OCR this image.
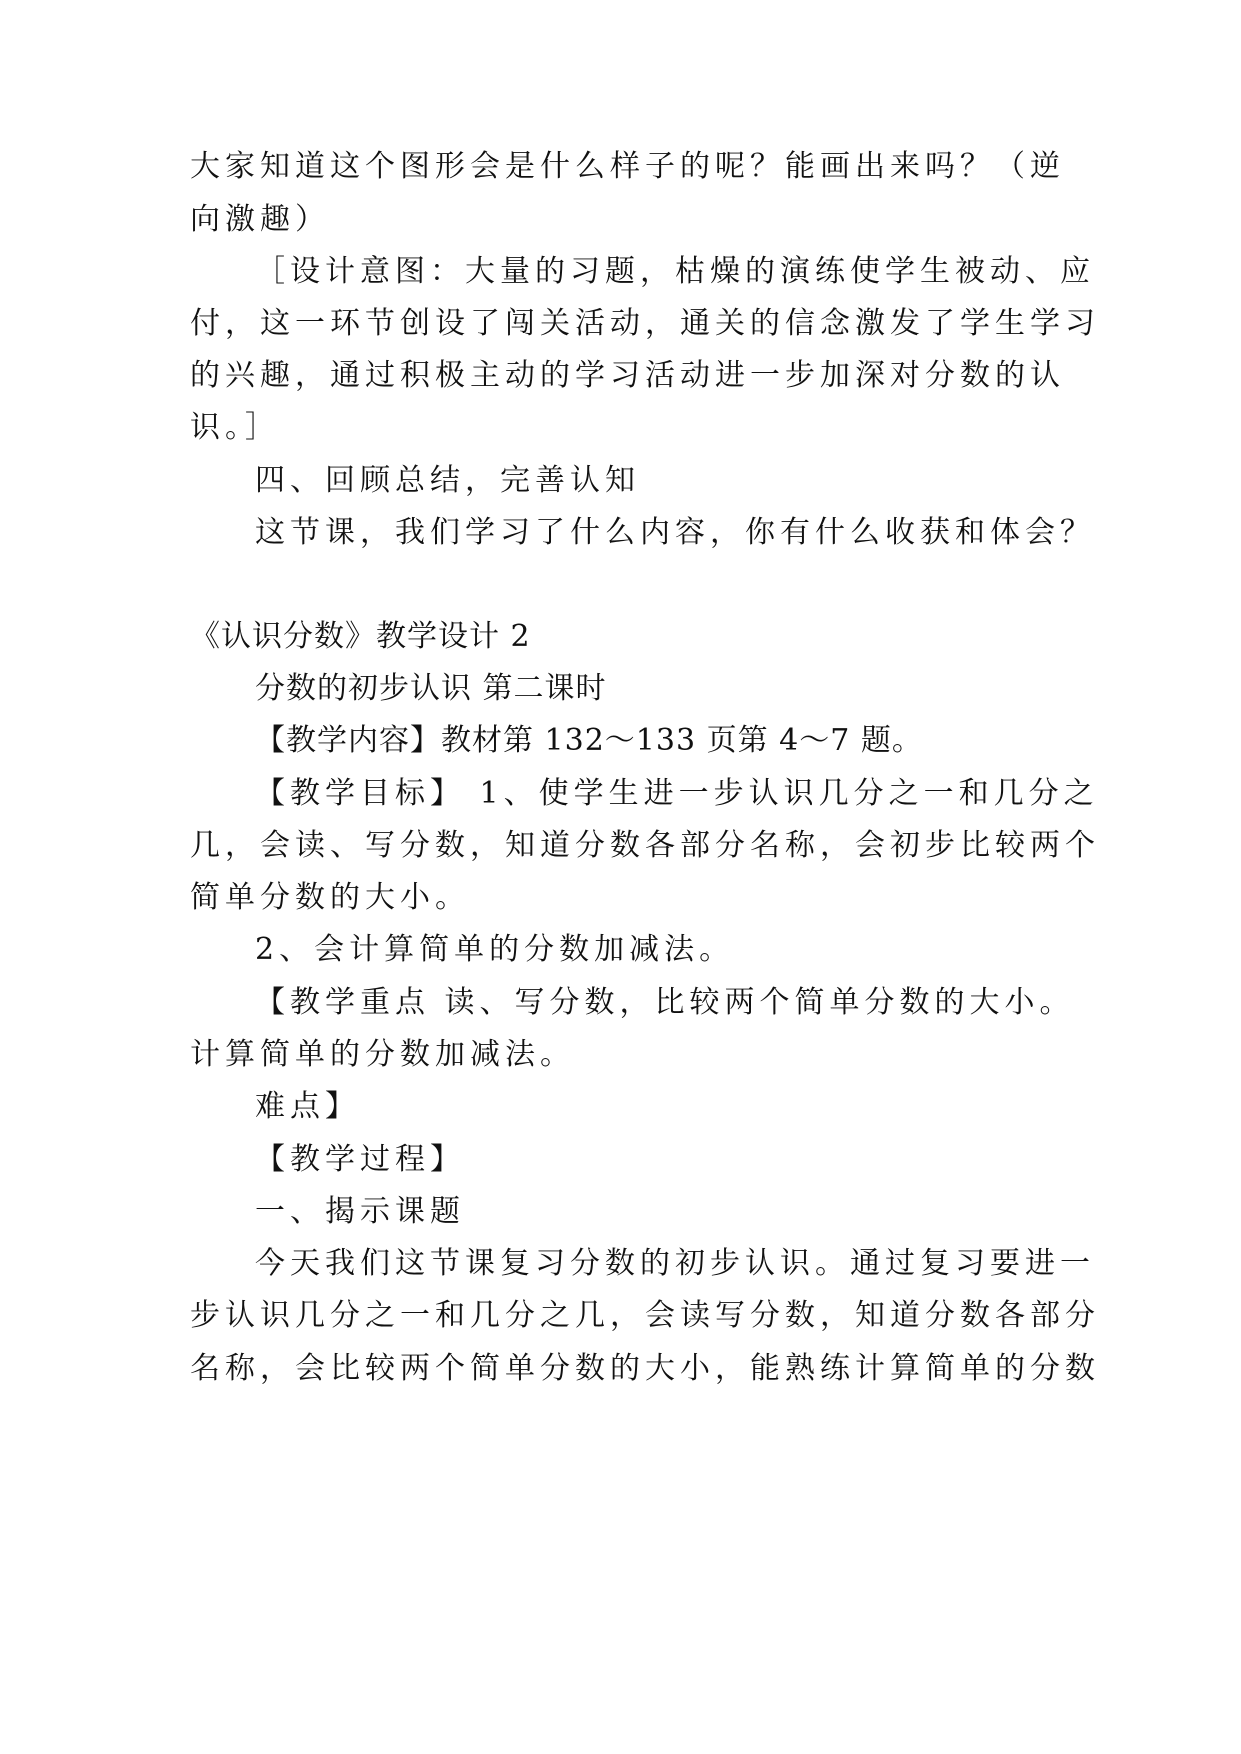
大家知道这个图形会是什么样子的呢？能画出来吗？（逆
向激趣）
［设计意图：大量的习题，枯燥的演练使学生被动、应
付，这一环节创设了闯关活动，通关的信念激发了学生学习
的兴趣，通过积极主动的学习活动进一步加深对分数的认
识。］
四、回顾总结，完善认知
这节课，我们学习了什么内容，你有什么收获和体会？
《认识分数》教学设计 2
分数的初步认识 第二课时
【教学内容】教材第 132～133 页第 4～7 题。
【教学目标】 1、使学生进一步认识几分之一和几分之
几，会读、写分数，知道分数各部分名称，会初步比较两个
简单分数的大小。
2、会计算简单的分数加减法。
【教学重点 读、写分数，比较两个简单分数的大小。
计算简单的分数加减法。
难点】
【教学过程】
一、揭示课题
今天我们这节课复习分数的初步认识。通过复习要进一
步认识几分之一和几分之几，会读写分数，知道分数各部分
名称，会比较两个简单分数的大小，能熟练计算简单的分数
